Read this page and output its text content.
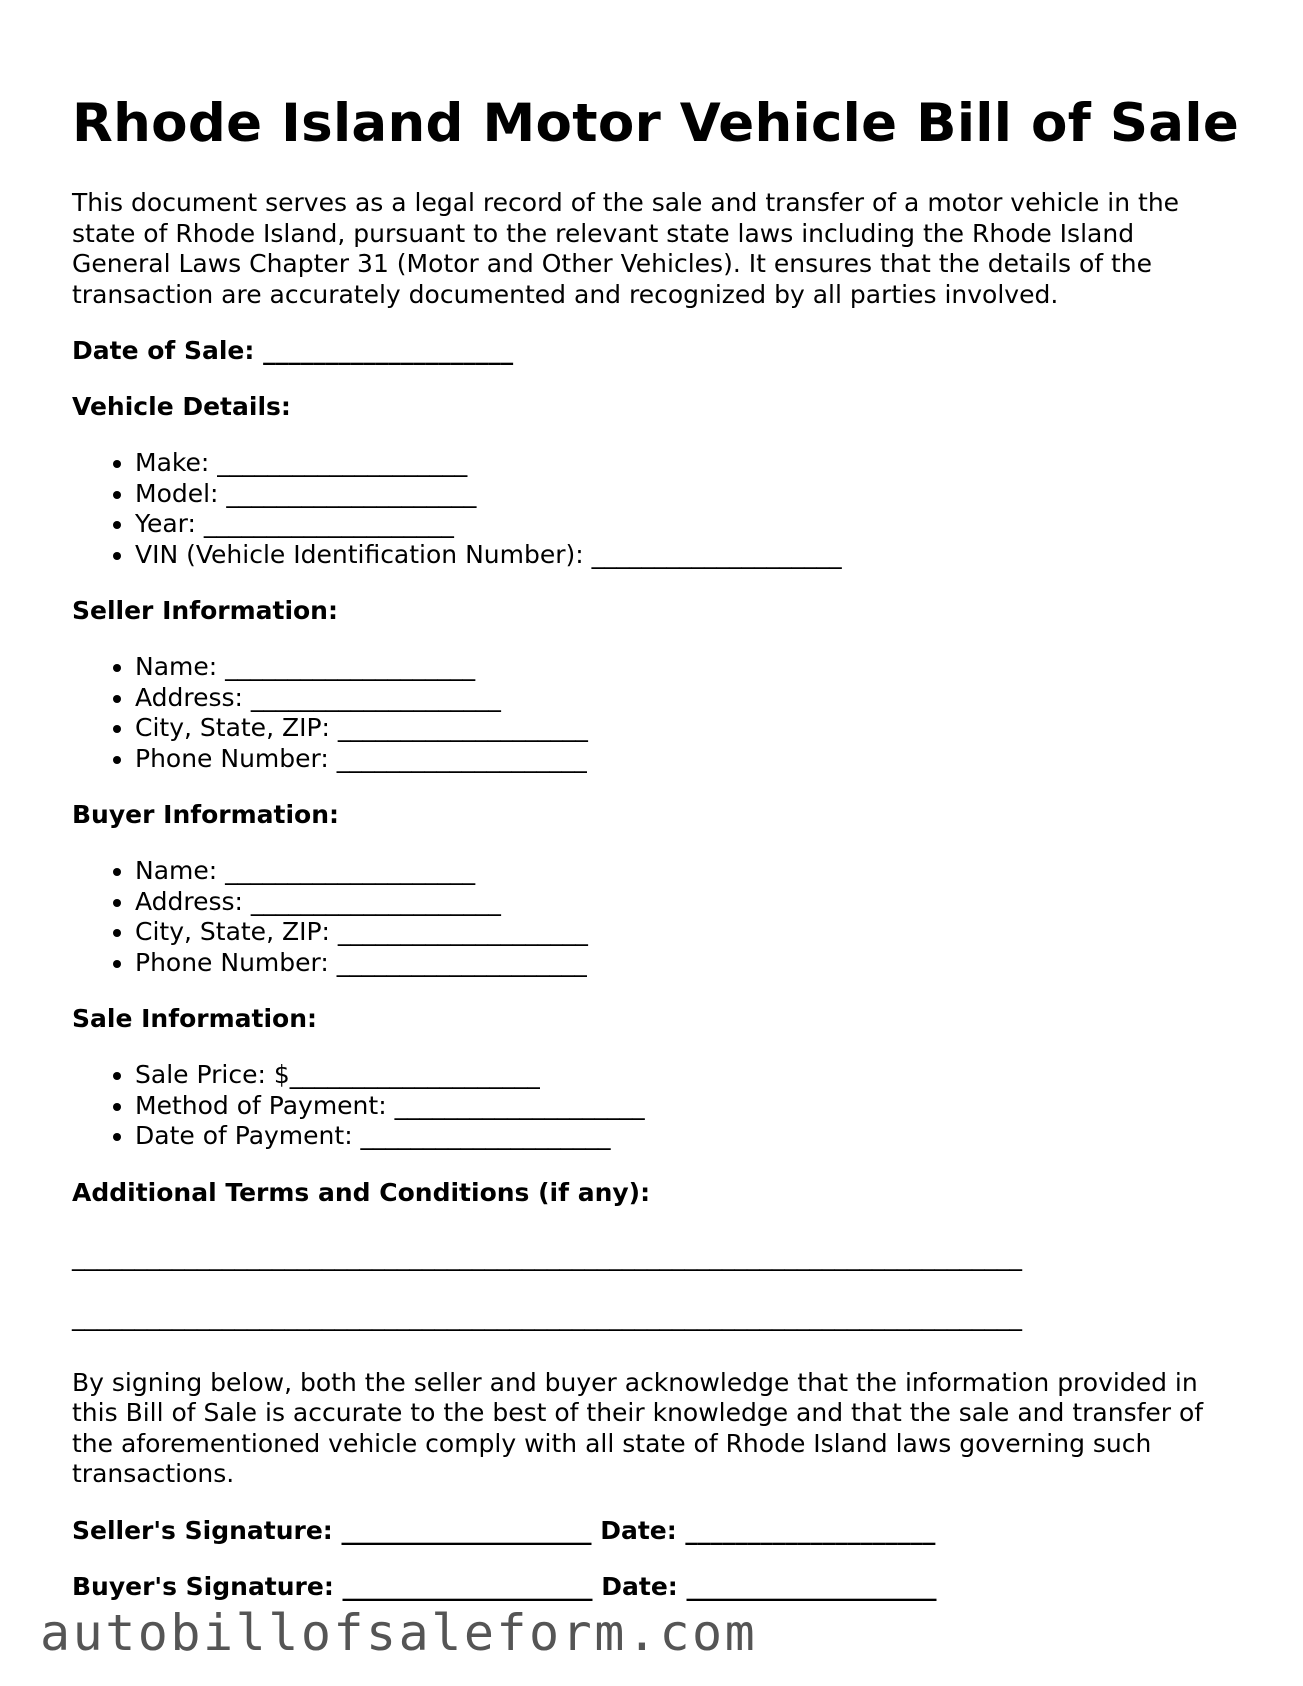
Rhode Island Motor Vehicle Bill of Sale

This document serves as a legal record of the sale and transfer of a motor vehicle in the state of Rhode Island, pursuant to the relevant state laws including the Rhode Island General Laws Chapter 31 (Motor and Other Vehicles). It ensures that the details of the transaction are accurately documented and recognized by all parties involved.

Date of Sale: ____________________

Vehicle Details:

• Make: ____________________
• Model: ____________________
• Year: ____________________
• VIN (Vehicle Identification Number): ____________________

Seller Information:

• Name: ____________________
• Address: ____________________
• City, State, ZIP: ____________________
• Phone Number: ____________________

Buyer Information:

• Name: ____________________
• Address: ____________________
• City, State, ZIP: ____________________
• Phone Number: ____________________

Sale Information:

• Sale Price: $____________________
• Method of Payment: ____________________
• Date of Payment: ____________________

Additional Terms and Conditions (if any):

____________________________________________________________________________
____________________________________________________________________________

By signing below, both the seller and buyer acknowledge that the information provided in this Bill of Sale is accurate to the best of their knowledge and that the sale and transfer of the aforementioned vehicle comply with all state of Rhode Island laws governing such transactions.

Seller's Signature: ____________________ Date: ____________________
Buyer's Signature: ____________________ Date: ____________________
autobillofsaleform.com
